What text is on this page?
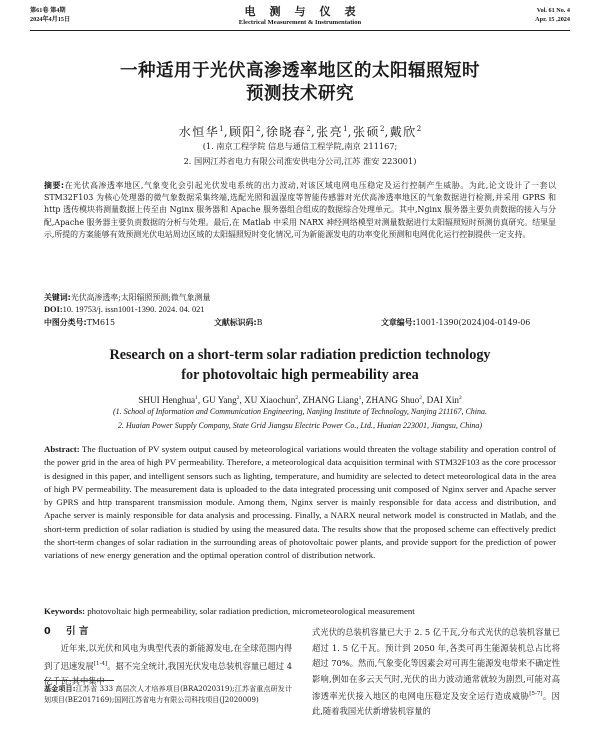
第61卷 第4期
2024年4月15日
电测与仪表
Electrical Measurement & Instrumentation
Vol. 61 No. 4
Apr. 15 ,2024
一种适用于光伏高渗透率地区的太阳辐照短时
预测技术研究
水恒华$^1$,顾阳$^2$,徐晓春$^2$,张亮$^1$,张硕$^2$,戴欣$^2$
(1. 南京工程学院 信息与通信工程学院,南京 211167;
2. 国网江苏省电力有限公司淮安供电分公司,江苏 淮安 223001)
摘要:在光伏高渗透率地区,气象变化会引起光伏发电系统的出力波动,对该区域电网电压稳定及运行控制产生威胁。为此,论文设计了一套以 STM32F103 为核心处理器的微气象数据采集终端,选配光照和温湿度等智能传感器对光伏高渗透率地区的气象数据进行检测,并采用 GPRS 和 http 透传模块将测量数据上传至由 Nginx 服务器和 Apache 服务器组合组成的数据综合处理单元。其中,Nginx 服务器主要负责数据的接入与分配,Apache 服务器主要负责数据的分析与处理。最后,在 Matlab 中采用 NARX 神经网络模型对测量数据进行太阳辐照短时预测仿真研究。结果显示,所提的方案能够有效预测光伏电站周边区域的太阳辐照短时变化情况,可为新能源发电的功率变化预测和电网优化运行控制提供一定支持。
关键词:光伏高渗透率;太阳辐照预测;微气象测量
DOI:10. 19753/j. issn1001-1390. 2024. 04. 021
中图分类号:TM615	文献标识码:B	文章编号:1001-1390(2024)04-0149-06
Research on a short-term solar radiation prediction technology
for photovoltaic high permeability area
SHUI Henghua$^1$, GU Yang$^2$, XU Xiaochun$^2$, ZHANG Liang$^1$, ZHANG Shuo$^2$, DAI Xin$^2$
(1. School of Information and Communication Engineering, Nanjing Institute of Technology, Nanjing 211167, China.
2. Huaian Power Supply Company, State Grid Jiangsu Electric Power Co., Ltd., Huaian 223001, Jiangsu, China)
Abstract: The fluctuation of PV system output caused by meteorological variations would threaten the voltage stability and operation control of the power grid in the area of high PV permeability. Therefore, a meteorological data acquisition terminal with STM32F103 as the core processor is designed in this paper, and intelligent sensors such as lighting, temperature, and humidity are selected to detect meteorological data in the area of high PV permeability. The measurement data is uploaded to the data integrated processing unit composed of Nginx server and Apache server by GPRS and http transparent transmission module. Among them, Nginx server is mainly responsible for data access and distribution, and Apache server is mainly responsible for data analysis and processing. Finally, a NARX neural network model is constructed in Matlab, and the short-term prediction of solar radiation is studied by using the measured data. The results show that the proposed scheme can effectively predict the short-term changes of solar radiation in the surrounding areas of photovoltaic power plants, and provide support for the prediction of power variations of new energy generation and the optimal operation control of distribution network.
Keywords: photovoltaic high permeability, solar radiation prediction, micrometeorological measurement
0 引 言
近年来,以光伏和风电为典型代表的新能源发电,在全球范围内得到了迅速发展[1-4]。据不完全统计,我国光伏发电总装机容量已超过 4 亿千瓦;其中集中
基金项目:江苏省 333 高层次人才培养项目(BRA2020319);江苏省重点研发计划项目(BE2017169);国网江苏省电力有限公司科技项目(J2020009)
式光伏的总装机容量已大于 2. 5 亿千瓦,分布式光伏的总装机容量已超过 1. 5 亿千瓦。预计到 2050 年,各类可再生能源装机总占比将超过 70%。然而,气象变化等因素会对可再生能源发电带来不确定性影响,例如在多云天气时,光伏的出力波动通常就较为剧烈,可能对高渗透率光伏接入地区的电网电压稳定及安全运行造成威胁[5-7]。因此,随着我国光伏新增装机容量的
